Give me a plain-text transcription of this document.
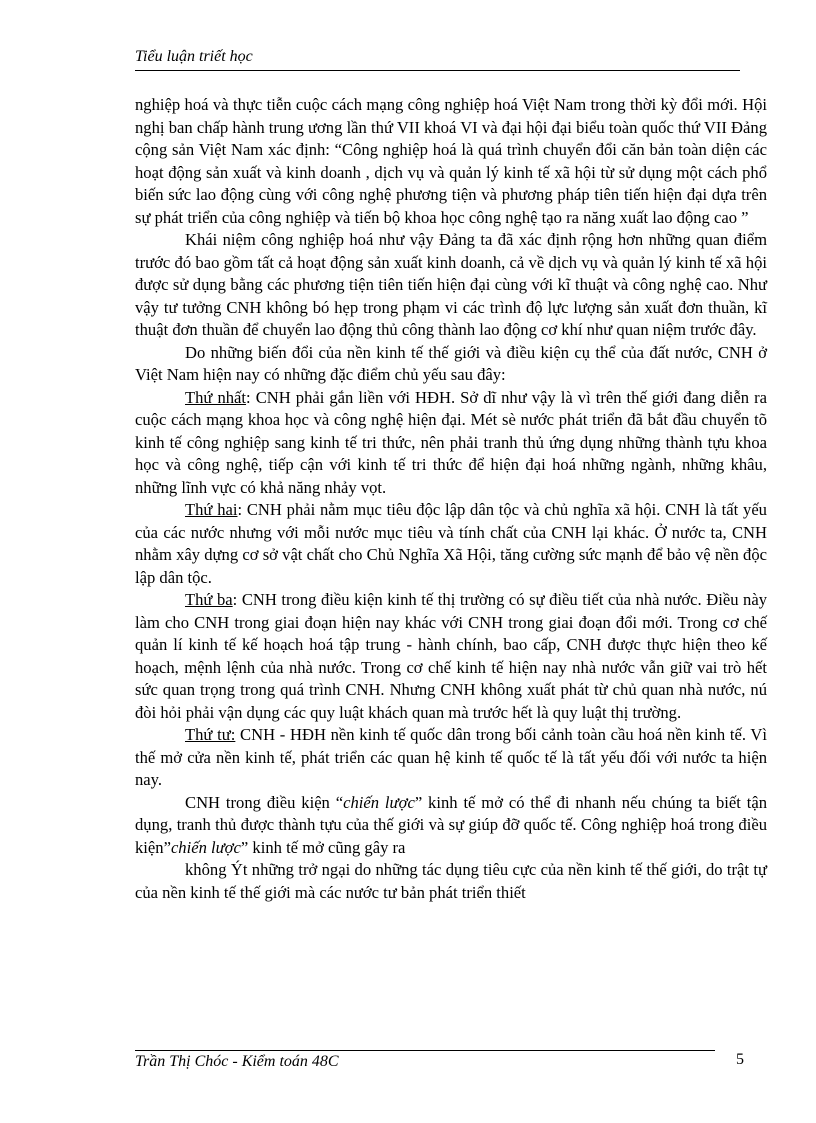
Tiểu luận triết học

nghiệp hoá và thực tiễn cuộc cách mạng công nghiệp hoá Việt Nam trong thời kỳ đổi mới. Hội nghị ban chấp hành trung ương lần thứ VII khoá VI và đại hội đại biểu toàn quốc thứ VII Đảng cộng sản Việt Nam xác định: “Công nghiệp hoá là quá trình chuyển đổi căn bản toàn diện các hoạt động sản xuất và kinh doanh , dịch vụ và quản lý kinh tế xã hội từ sử dụng một cách phổ biến sức lao động cùng với công nghệ phương tiện và phương pháp tiên tiến hiện đại dựa trên sự phát triển của công nghiệp và tiến bộ khoa học công nghệ tạo ra năng xuất lao động cao ”

Khái niệm công nghiệp hoá như vậy Đảng ta đã xác định rộng hơn những quan điểm trước đó bao gồm tất cả hoạt động sản xuất kinh doanh, cả về dịch vụ và quản lý kinh tế xã hội được sử dụng bằng các phương tiện tiên tiến hiện đại cùng với kĩ thuật và công nghệ cao. Như vậy tư tưởng CNH không bó hẹp trong phạm vi các trình độ lực lượng sản xuất đơn thuần, kĩ thuật đơn thuần để chuyển lao động thủ công thành lao động cơ khí như quan niệm trước đây.

Do những biến đổi của nền kinh tế thế giới và điều kiện cụ thể của đất nước, CNH ở Việt Nam hiện nay có những đặc điểm chủ yếu sau đây:

Thứ nhất: CNH phải gắn liền với HĐH. Sở dĩ như vậy là vì trên thế giới đang diễn ra cuộc cách mạng khoa học và công nghệ hiện đại. Mét sè nước phát triển đã bắt đầu chuyển tõ kinh tế công nghiệp sang kinh tế tri thức, nên phải tranh thủ ứng dụng những thành tựu khoa học và công nghệ, tiếp cận với kinh tế tri thức để hiện đại hoá những ngành, những khâu, những lĩnh vực có khả năng nhảy vọt.

Thứ hai: CNH phải nằm mục tiêu độc lập dân tộc và chủ nghĩa xã hội. CNH là tất yếu của các nước nhưng với mỗi nước mục tiêu và tính chất của CNH lại khác. Ở nước ta, CNH nhằm xây dựng cơ sở vật chất cho Chủ Nghĩa Xã Hội, tăng cường sức mạnh để bảo vệ nền độc lập dân tộc.

Thứ ba: CNH trong điều kiện kinh tế thị trường có sự điều tiết của nhà nước. Điều này làm cho CNH trong giai đoạn hiện nay khác với CNH trong giai đoạn đổi mới. Trong cơ chế quản lí kinh tế kế hoạch hoá tập trung - hành chính, bao cấp, CNH được thực hiện theo kế hoạch, mệnh lệnh của nhà nước. Trong cơ chế kinh tế hiện nay nhà nước vẫn giữ vai trò hết sức quan trọng trong quá trình CNH. Nhưng CNH không xuất phát từ chủ quan nhà nước, nú đòi hỏi phải vận dụng các quy luật khách quan mà trước hết là quy luật thị trường.

Thứ tư: CNH - HĐH nền kinh tế quốc dân trong bối cảnh toàn cầu hoá nền kinh tế. Vì thế mở cửa nền kinh tế, phát triển các quan hệ kinh tế quốc tế là tất yếu đối với nước ta hiện nay.

CNH trong điều kiện “chiến lược” kinh tế mở có thể đi nhanh nếu chúng ta biết tận dụng, tranh thủ được thành tựu của thế giới và sự giúp đỡ quốc tế. Công nghiệp hoá trong điều kiện”chiến lược” kinh tế mở cũng gây ra

không Ýt những trở ngại do những tác dụng tiêu cực của nền kinh tế thế giới, do trật tự của nền kinh tế thế giới mà các nước tư bản phát triển thiết

Trần Thị Chóc - Kiểm toán 48C	5
